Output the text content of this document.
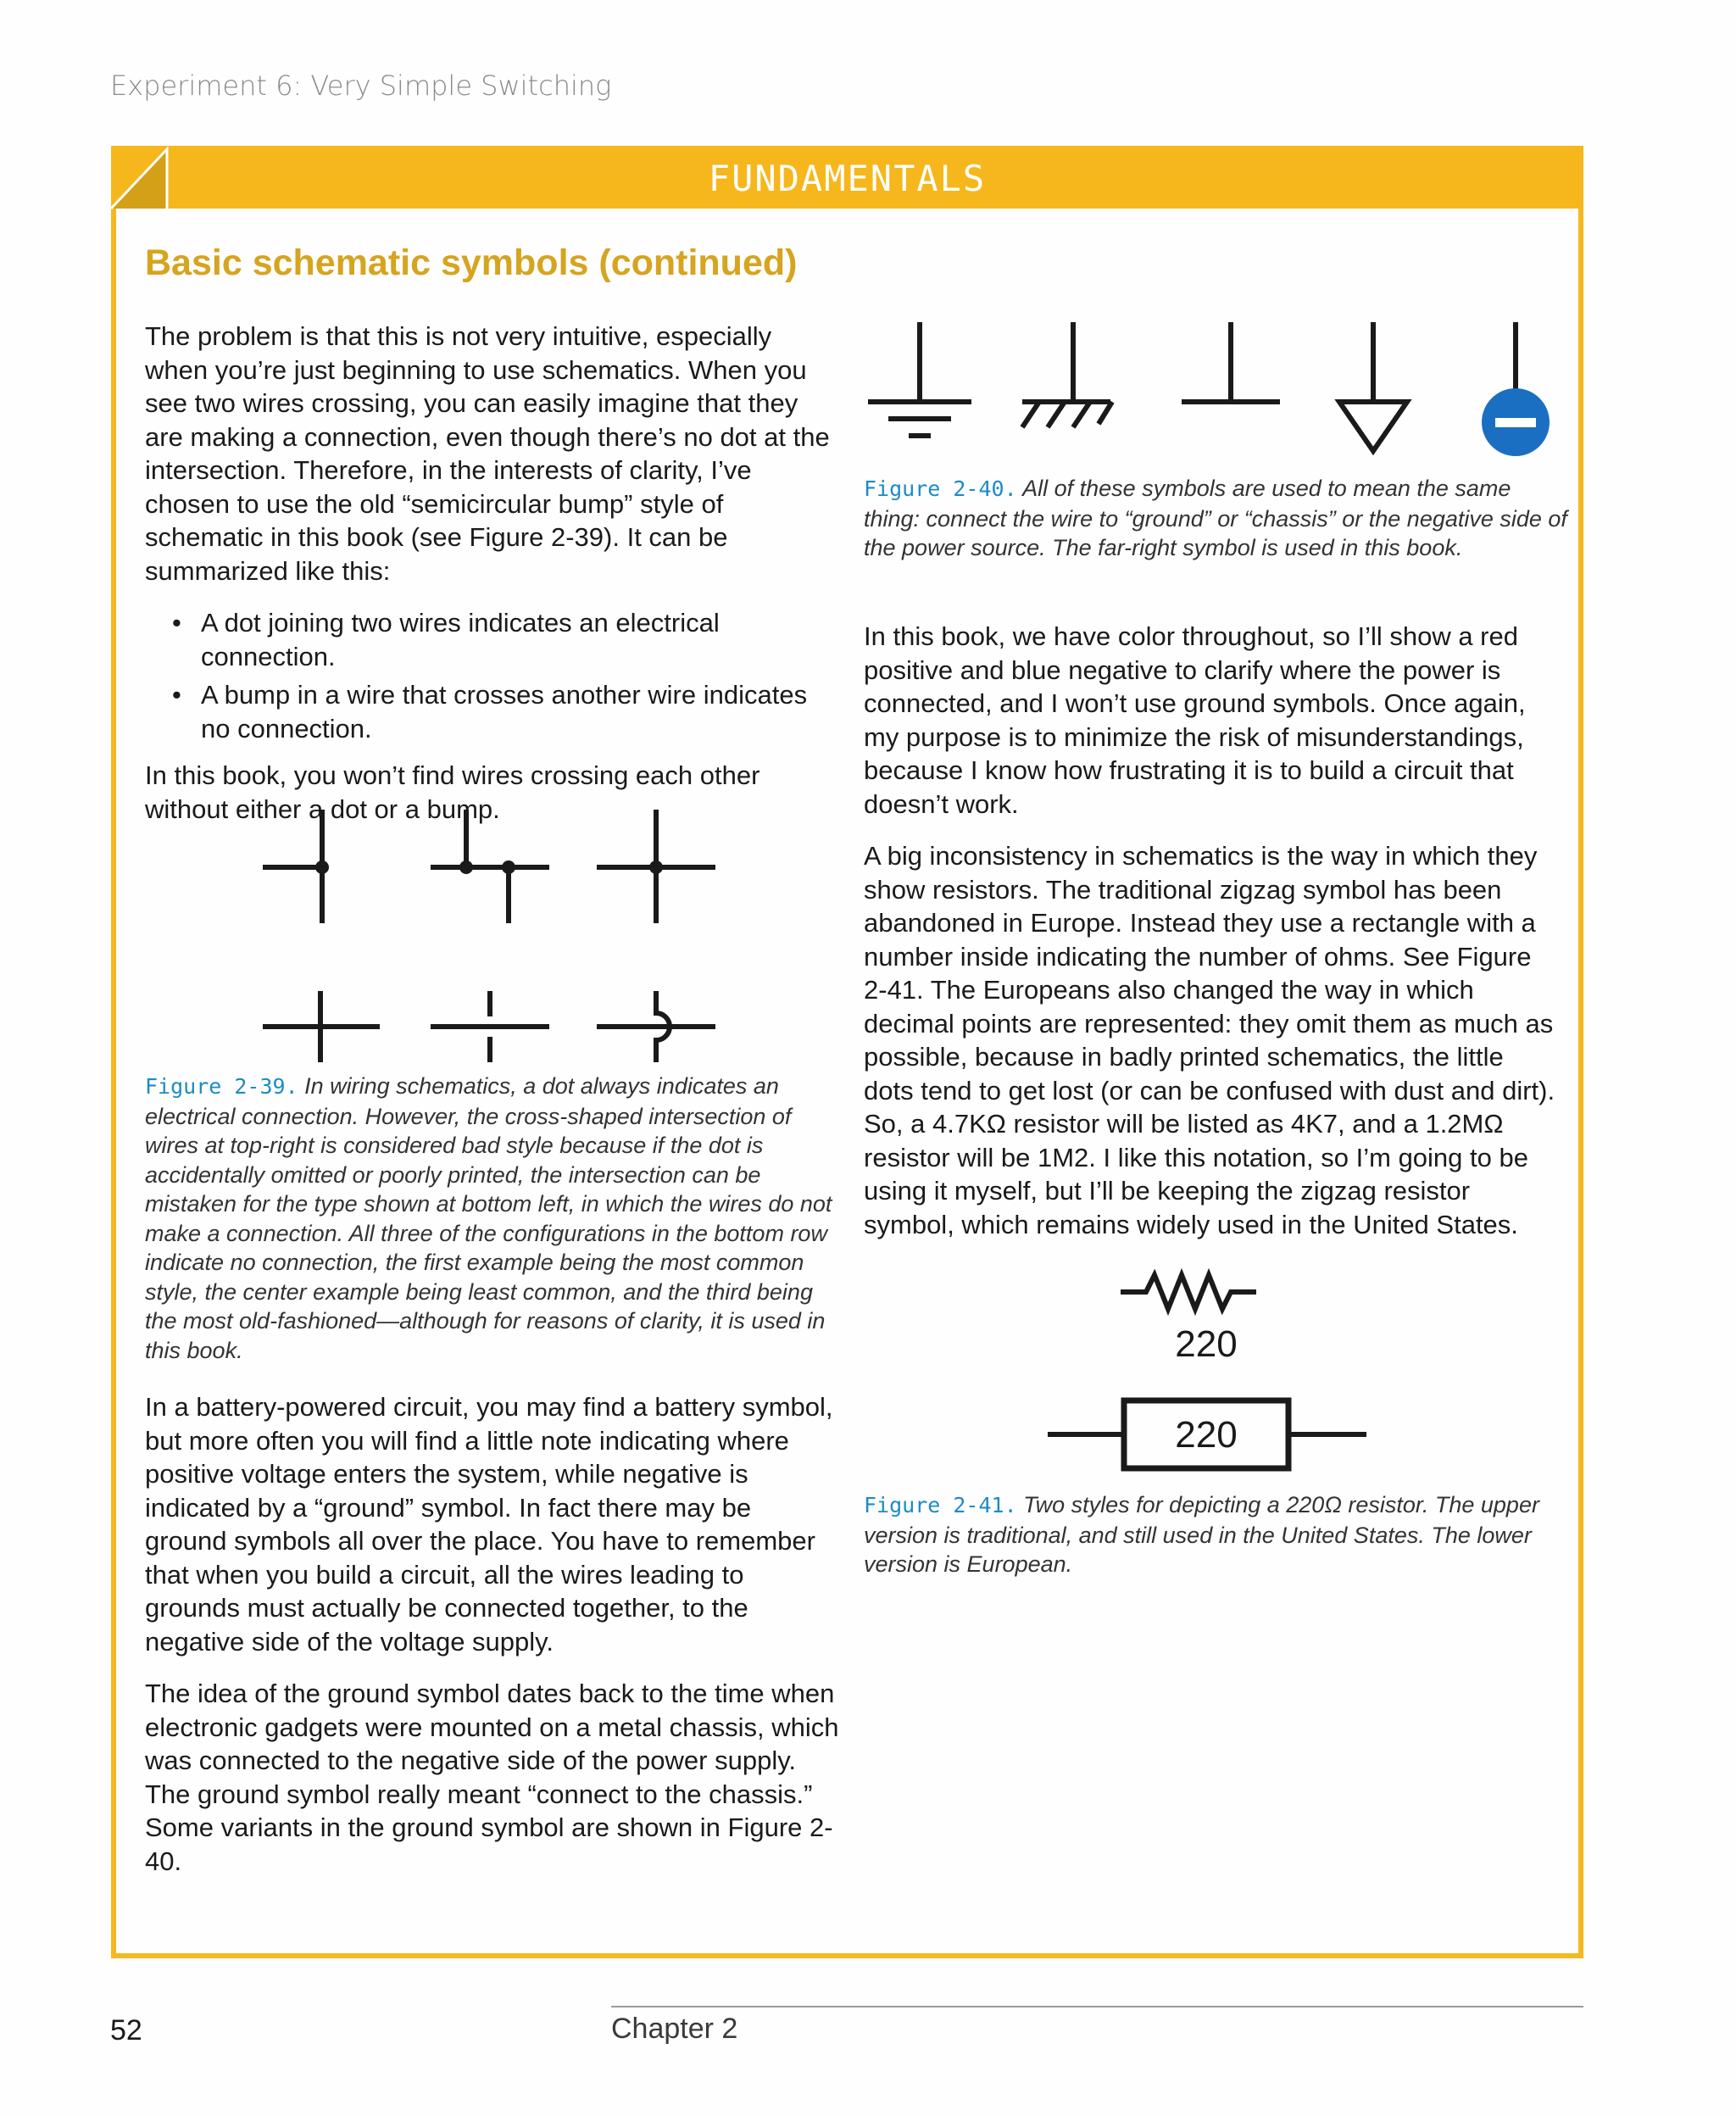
Experiment 6: Very Simple Switching
FUNDAMENTALS
Basic schematic symbols (continued)

The problem is that this is not very intuitive, especially when you’re just beginning to use schematics. When you see two wires crossing, you can easily imagine that they are making a connection, even though there’s no dot at the intersection. Therefore, in the interests of clarity, I’ve chosen to use the old “semicircular bump” style of schematic in this book (see Figure 2-39). It can be summarized like this:

• A dot joining two wires indicates an electrical connection.
• A bump in a wire that crosses another wire indicates no connection.

In this book, you won’t find wires crossing each other without either a dot or a bump.

Figure 2-39. In wiring schematics, a dot always indicates an electrical connection. However, the cross-shaped intersection of wires at top-right is considered bad style because if the dot is accidentally omitted or poorly printed, the intersection can be mistaken for the type shown at bottom left, in which the wires do not make a connection. All three of the configurations in the bottom row indicate no connection, the first example being the most common style, the center example being least common, and the third being the most old-fashioned—although for reasons of clarity, it is used in this book.

In a battery-powered circuit, you may find a battery symbol, but more often you will find a little note indicating where positive voltage enters the system, while negative is indicated by a “ground” symbol. In fact there may be ground symbols all over the place. You have to remember that when you build a circuit, all the wires leading to grounds must actually be connected together, to the negative side of the voltage supply.

The idea of the ground symbol dates back to the time when electronic gadgets were mounted on a metal chassis, which was connected to the negative side of the power supply. The ground symbol really meant “connect to the chassis.” Some variants in the ground symbol are shown in Figure 2-40.

Figure 2-40. All of these symbols are used to mean the same thing: connect the wire to “ground” or “chassis” or the negative side of the power source. The far-right symbol is used in this book.

In this book, we have color throughout, so I’ll show a red positive and blue negative to clarify where the power is connected, and I won’t use ground symbols. Once again, my purpose is to minimize the risk of misunderstandings, because I know how frustrating it is to build a circuit that doesn’t work.

A big inconsistency in schematics is the way in which they show resistors. The traditional zigzag symbol has been abandoned in Europe. Instead they use a rectangle with a number inside indicating the number of ohms. See Figure 2-41. The Europeans also changed the way in which decimal points are represented: they omit them as much as possible, because in badly printed schematics, the little dots tend to get lost (or can be confused with dust and dirt). So, a 4.7KΩ resistor will be listed as 4K7, and a 1.2MΩ resistor will be 1M2. I like this notation, so I’m going to be using it myself, but I’ll be keeping the zigzag resistor symbol, which remains widely used in the United States.

220
220
Figure 2-41. Two styles for depicting a 220Ω resistor. The upper version is traditional, and still used in the United States. The lower version is European.
52	Chapter 2
